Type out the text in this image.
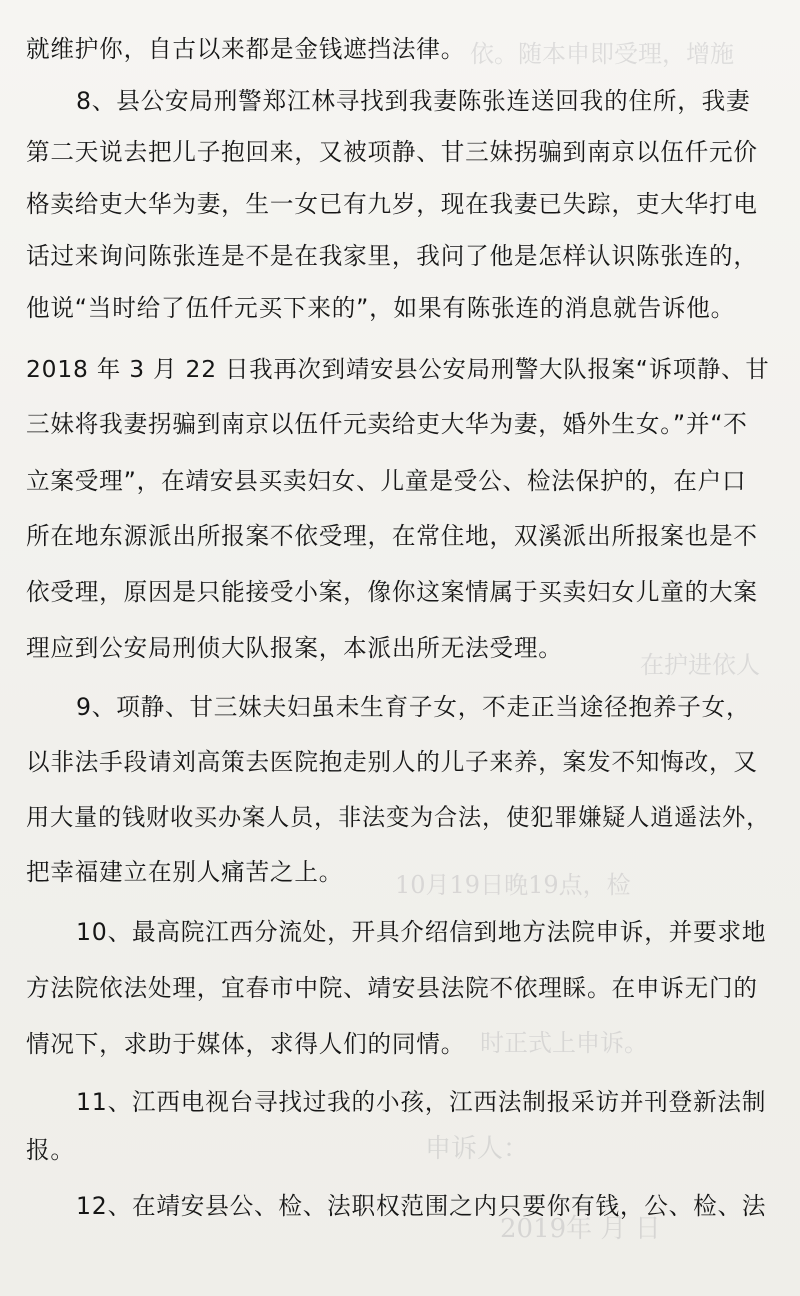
依。随本申即受理，增施
在护进依人
10月19日晚19点，检
时正式上申诉。
申诉人：
2019年 月 日
就维护你，自古以来都是金钱遮挡法律。
8、县公安局刑警郑江林寻找到我妻陈张连送回我的住所，我妻
第二天说去把儿子抱回来，又被项静、甘三妹拐骗到南京以伍仟元价
格卖给吏大华为妻，生一女已有九岁，现在我妻已失踪，吏大华打电
话过来询问陈张连是不是在我家里，我问了他是怎样认识陈张连的，
他说“当时给了伍仟元买下来的”，如果有陈张连的消息就告诉他。
2018 年 3 月 22 日我再次到靖安县公安局刑警大队报案“诉项静、甘
三妹将我妻拐骗到南京以伍仟元卖给吏大华为妻，婚外生女。”并“不
立案受理”，在靖安县买卖妇女、儿童是受公、检法保护的，在户口
所在地东源派出所报案不依受理，在常住地，双溪派出所报案也是不
依受理，原因是只能接受小案，像你这案情属于买卖妇女儿童的大案
理应到公安局刑侦大队报案，本派出所无法受理。
9、项静、甘三妹夫妇虽未生育子女，不走正当途径抱养子女，
以非法手段请刘高策去医院抱走别人的儿子来养，案发不知悔改，又
用大量的钱财收买办案人员，非法变为合法，使犯罪嫌疑人逍遥法外，
把幸福建立在别人痛苦之上。
10、最高院江西分流处，开具介绍信到地方法院申诉，并要求地
方法院依法处理，宜春市中院、靖安县法院不依理睬。在申诉无门的
情况下，求助于媒体，求得人们的同情。
11、江西电视台寻找过我的小孩，江西法制报采访并刊登新法制
报。
12、在靖安县公、检、法职权范围之内只要你有钱，公、检、法
